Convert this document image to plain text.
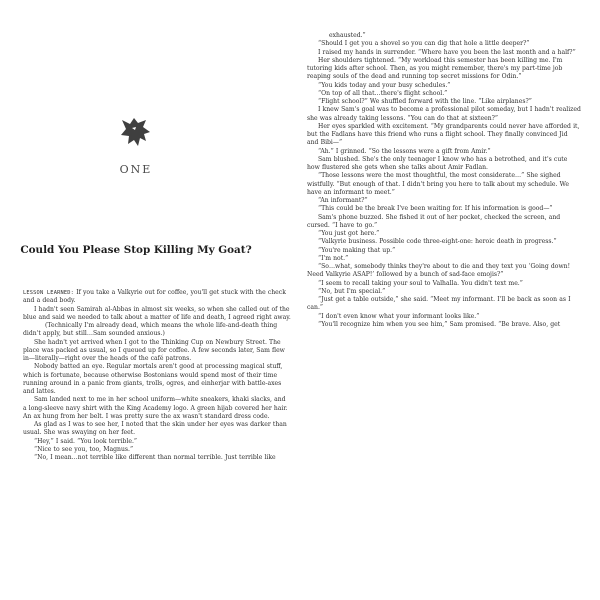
ONE
Could You Please Stop Killing My Goat?

LESSON LEARNED: If you take a Valkyrie out for coffee, you'll get stuck with the check and a dead body.

I hadn't seen Samirah al-Abbas in almost six weeks, so when she called out of the blue and said we needed to talk about a matter of life and death, I agreed right away.

(Technically I'm already dead, which means the whole life-and-death thing didn't apply, but still…Sam sounded anxious.)

She hadn't yet arrived when I got to the Thinking Cup on Newbury Street. The place was packed as usual, so I queued up for coffee. A few seconds later, Sam flew in—literally—right over the heads of the café patrons.

Nobody batted an eye. Regular mortals aren't good at processing magical stuff, which is fortunate, because otherwise Bostonians would spend most of their time running around in a panic from giants, trolls, ogres, and einherjar with battle-axes and lattes.

Sam landed next to me in her school uniform—white sneakers, khaki slacks, and a long-sleeve navy shirt with the King Academy logo. A green hijab covered her hair. An ax hung from her belt. I was pretty sure the ax wasn't standard dress code.

As glad as I was to see her, I noted that the skin under her eyes was darker than usual. She was swaying on her feet.

“Hey,” I said. “You look terrible.”

“Nice to see you, too, Magnus.”

“No, I mean…not terrible like different than normal terrible. Just terrible like

exhausted.”

“Should I get you a shovel so you can dig that hole a little deeper?”

I raised my hands in surrender. “Where have you been the last month and a half?”

Her shoulders tightened. “My workload this semester has been killing me. I'm tutoring kids after school. Then, as you might remember, there's my part-time job reaping souls of the dead and running top secret missions for Odin.”

“You kids today and your busy schedules.”

“On top of all that…there's flight school.”

“Flight school?” We shuffled forward with the line. “Like airplanes?”

I knew Sam's goal was to become a professional pilot someday, but I hadn't realized she was already taking lessons. “You can do that at sixteen?”

Her eyes sparkled with excitement. “My grandparents could never have afforded it, but the Fadlans have this friend who runs a flight school. They finally convinced Jid and Bibi—”

“Ah.” I grinned. “So the lessons were a gift from Amir.”

Sam blushed. She's the only teenager I know who has a betrothed, and it's cute how flustered she gets when she talks about Amir Fadlan.

“Those lessons were the most thoughtful, the most considerate…” She sighed wistfully. “But enough of that. I didn't bring you here to talk about my schedule. We have an informant to meet.”

“An informant?”

“This could be the break I've been waiting for. If his information is good—”

Sam's phone buzzed. She fished it out of her pocket, checked the screen, and cursed. “I have to go.”

“You just got here.”

“Valkyrie business. Possible code three-eight-one: heroic death in progress.”

“You're making that up.”

“I'm not.”

“So…what, somebody thinks they're about to die and they text you ‘Going down! Need Valkyrie ASAP!’ followed by a bunch of sad-face emojis?”

“I seem to recall taking your soul to Valhalla. You didn't text me.”

“No, but I'm special.”

“Just get a table outside,” she said. “Meet my informant. I'll be back as soon as I can.”

“I don't even know what your informant looks like.”

“You'll recognize him when you see him,” Sam promised. “Be brave. Also, get
